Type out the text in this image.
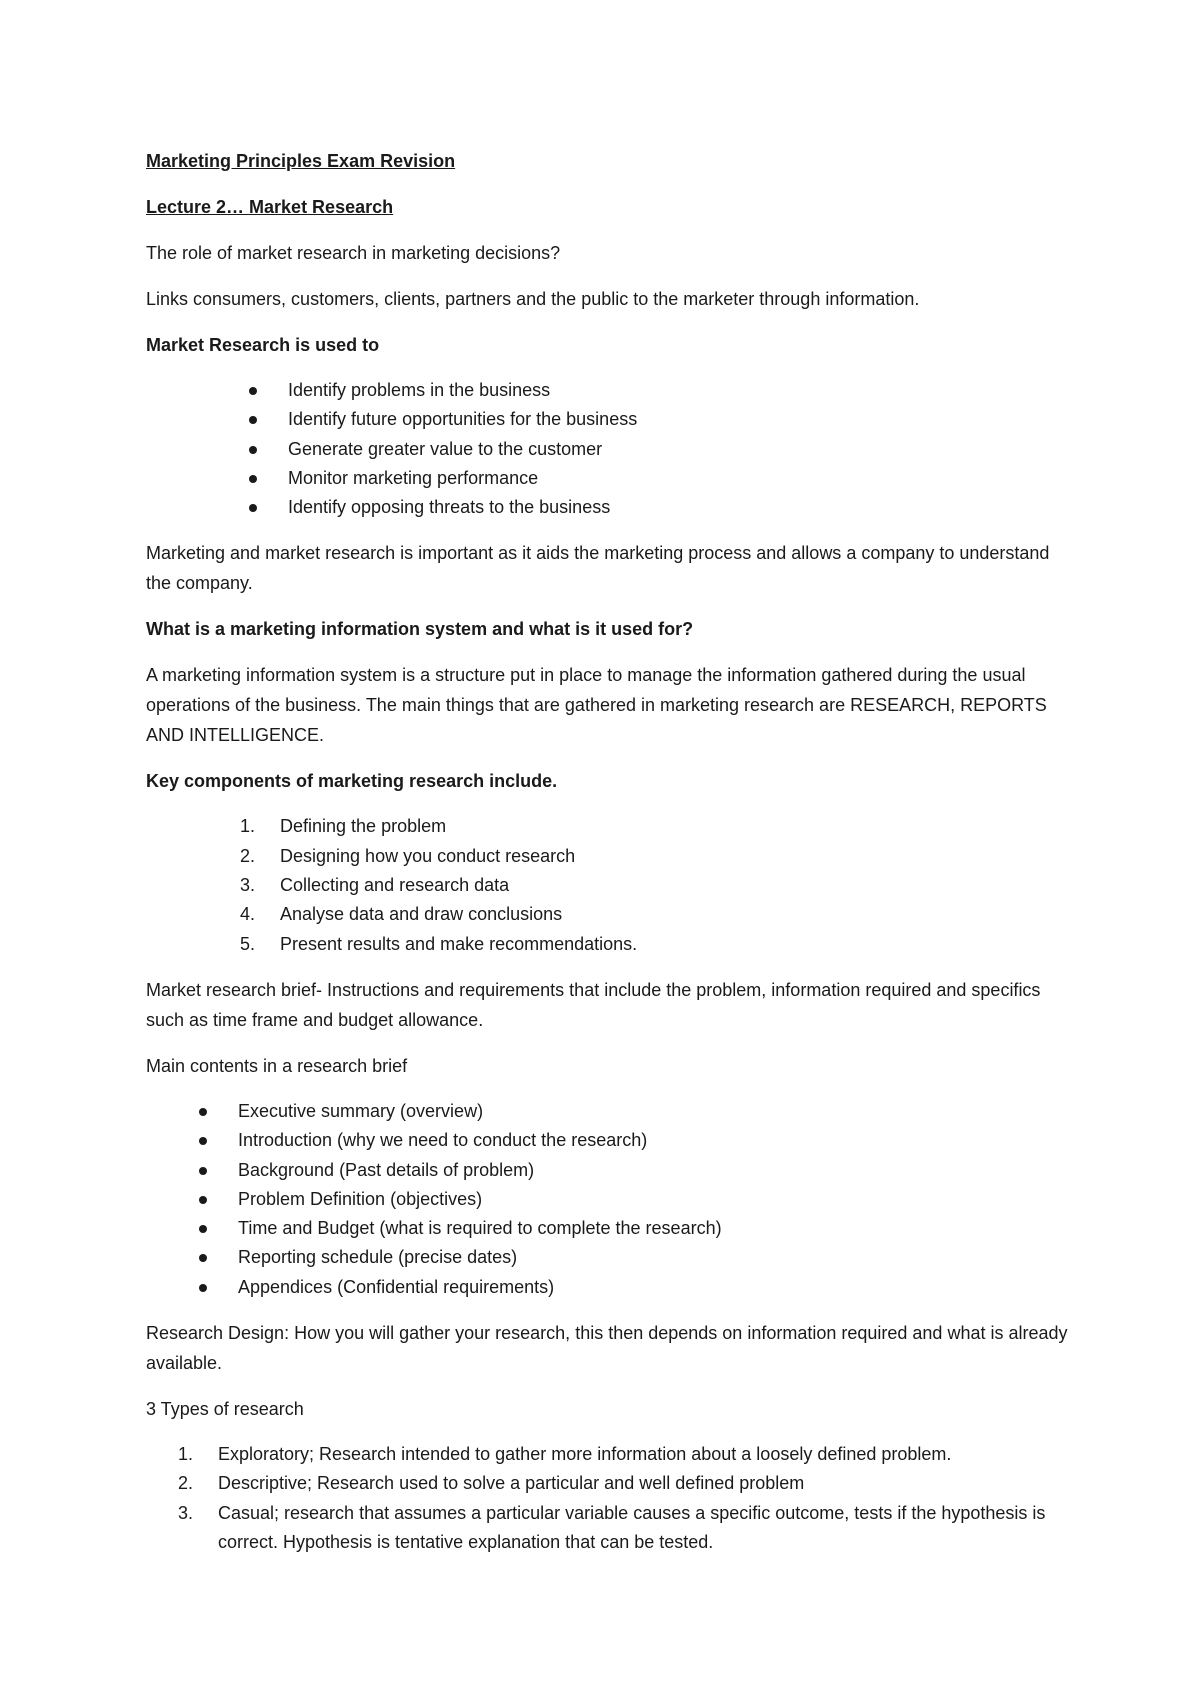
Marketing Principles Exam Revision

Lecture 2… Market Research

The role of market research in marketing decisions?

Links consumers, customers, clients, partners and the public to the marketer through information.

Market Research is used to

Identify problems in the business
Identify future opportunities for the business
Generate greater value to the customer
Monitor marketing performance
Identify opposing threats to the business

Marketing and market research is important as it aids the marketing process and allows a company to understand the company.

What is a marketing information system and what is it used for?

A marketing information system is a structure put in place to manage the information gathered during the usual operations of the business. The main things that are gathered in marketing research are RESEARCH, REPORTS AND INTELLIGENCE.

Key components of marketing research include.

1. Defining the problem
2. Designing how you conduct research
3. Collecting and research data
4. Analyse data and draw conclusions
5. Present results and make recommendations.

Market research brief- Instructions and requirements that include the problem, information required and specifics such as time frame and budget allowance.

Main contents in a research brief

Executive summary (overview)
Introduction (why we need to conduct the research)
Background (Past details of problem)
Problem Definition (objectives)
Time and Budget (what is required to complete the research)
Reporting schedule (precise dates)
Appendices (Confidential requirements)

Research Design: How you will gather your research, this then depends on information required and what is already available.

3 Types of research

1. Exploratory; Research intended to gather more information about a loosely defined problem.
2. Descriptive; Research used to solve a particular and well defined problem
3. Casual; research that assumes a particular variable causes a specific outcome, tests if the hypothesis is correct. Hypothesis is tentative explanation that can be tested.
